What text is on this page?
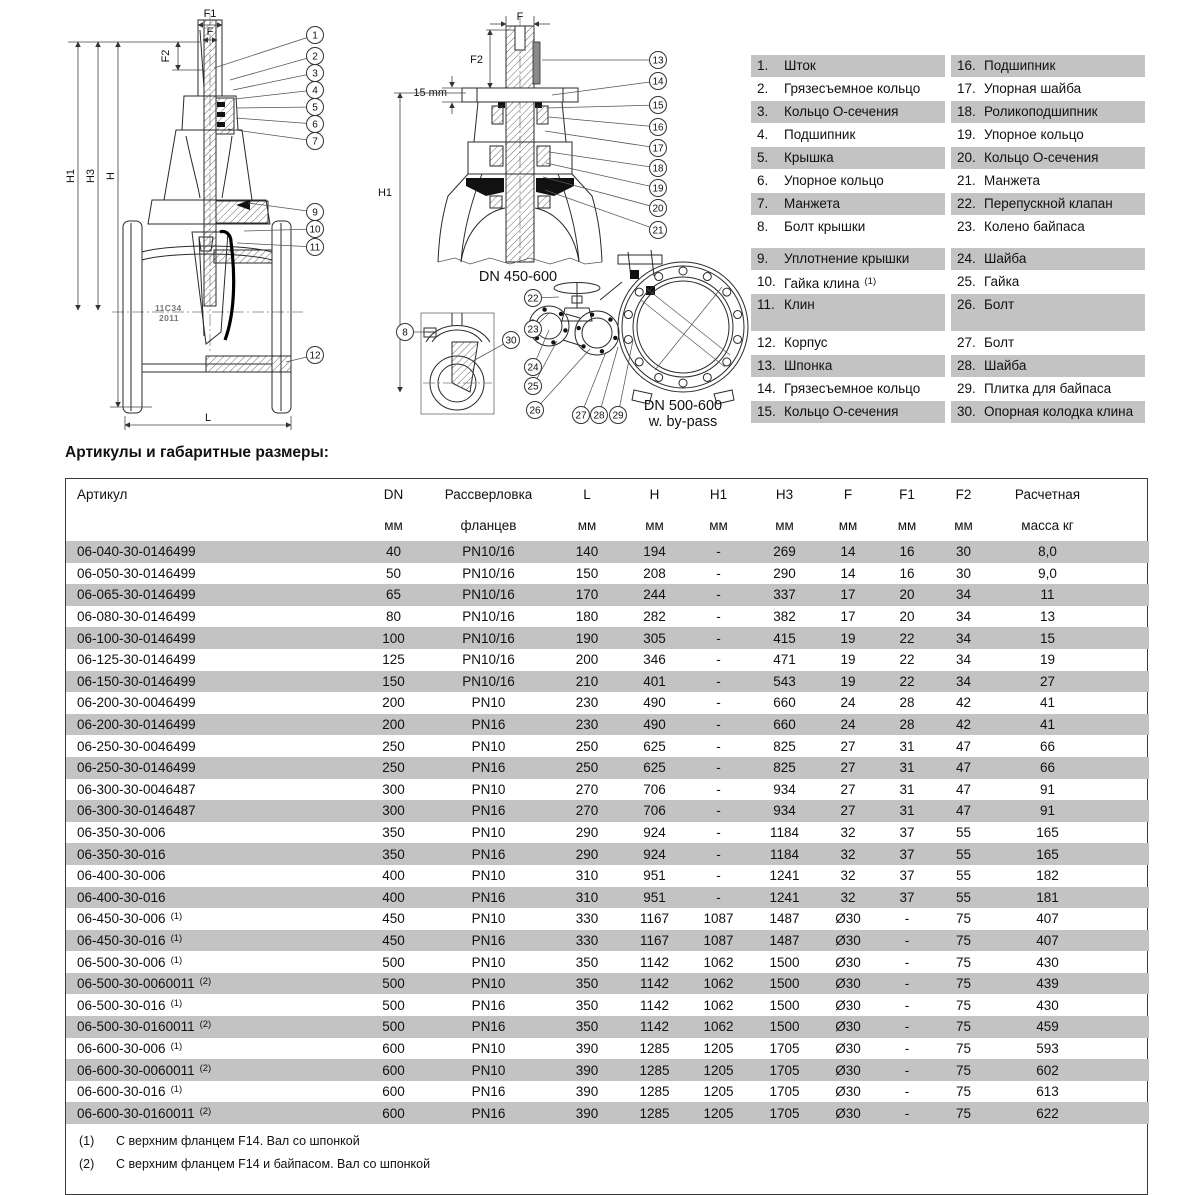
11C34
2011
F1
F
F2
H1 H3 H
L
1
2
3
4
5
6
7
9
10
11
12
F
F2
15 mm
H1
DN 450-600
13
14
15
16
17
18
19
20
21
8
30
DN 500-600
w. by-pass
22
23
24
25
26	27 28 29
1.	Шток	16. Подшипник
2.	Грязесъемное кольцо	17. Упорная шайба
3.	Кольцо О-сечения	18. Роликоподшипник
4.	Подшипник	19. Упорное кольцо
5.	Крышка	20. Кольцо О-сечения
6.	Упорное кольцо	21. Манжета
7.	Манжета	22. Перепускной клапан
8.	Болт крышки	23. Колено байпаса
9.	Уплотнение крышки	24. Шайба
10. Гайка клина $^{(1)}$	25. Гайка
11. Клин	26. Болт
12. Корпус	27. Болт
13. Шпонка	28. Шайба
14. Грязесъемное кольцо	29. Плитка для байпаса
15. Кольцо О-сечения	30. Опорная колодка клина
Артикулы и габаритные размеры:
Артикул	DN	Рассверловка	L	H	H1	H3	F	F1	F2	Расчетная	
	мм	фланцев	мм	мм	мм	мм	мм	мм	мм	масса кг	
06-040-30-0146499	40	PN10/16	140	194	-	269	14	16	30	8,0	
06-050-30-0146499	50	PN10/16	150	208	-	290	14	16	30	9,0	
06-065-30-0146499	65	PN10/16	170	244	-	337	17	20	34	11	
06-080-30-0146499	80	PN10/16	180	282	-	382	17	20	34	13	
06-100-30-0146499	100	PN10/16	190	305	-	415	19	22	34	15	
06-125-30-0146499	125	PN10/16	200	346	-	471	19	22	34	19	
06-150-30-0146499	150	PN10/16	210	401	-	543	19	22	34	27	
06-200-30-0046499	200	PN10	230	490	-	660	24	28	42	41	
06-200-30-0146499	200	PN16	230	490	-	660	24	28	42	41	
06-250-30-0046499	250	PN10	250	625	-	825	27	31	47	66	
06-250-30-0146499	250	PN16	250	625	-	825	27	31	47	66	
06-300-30-0046487	300	PN10	270	706	-	934	27	31	47	91	
06-300-30-0146487	300	PN16	270	706	-	934	27	31	47	91	
06-350-30-006	350	PN10	290	924	-	1184	32	37	55	165	
06-350-30-016	350	PN16	290	924	-	1184	32	37	55	165	
06-400-30-006	400	PN10	310	951	-	1241	32	37	55	182	
06-400-30-016	400	PN16	310	951	-	1241	32	37	55	181	
06-450-30-006 $^{(1)}$	450	PN10	330	1167	1087	1487	Ø30	-	75	407	
06-450-30-016 $^{(1)}$	450	PN16	330	1167	1087	1487	Ø30	-	75	407	
06-500-30-006 $^{(1)}$	500	PN10	350	1142	1062	1500	Ø30	-	75	430	
06-500-30-0060011 $^{(2)}$	500	PN10	350	1142	1062	1500	Ø30	-	75	439	
06-500-30-016 $^{(1)}$	500	PN16	350	1142	1062	1500	Ø30	-	75	430	
06-500-30-0160011 $^{(2)}$	500	PN16	350	1142	1062	1500	Ø30	-	75	459	
06-600-30-006 $^{(1)}$	600	PN10	390	1285	1205	1705	Ø30	-	75	593	
06-600-30-0060011 $^{(2)}$	600	PN10	390	1285	1205	1705	Ø30	-	75	602	
06-600-30-016 $^{(1)}$	600	PN16	390	1285	1205	1705	Ø30	-	75	613	
06-600-30-0160011 $^{(2)}$	600	PN16	390	1285	1205	1705	Ø30	-	75	622	
(1)	С верхним фланцем F14. Вал со шпонкой
(2)	С верхним фланцем F14 и байпасом. Вал со шпонкой
